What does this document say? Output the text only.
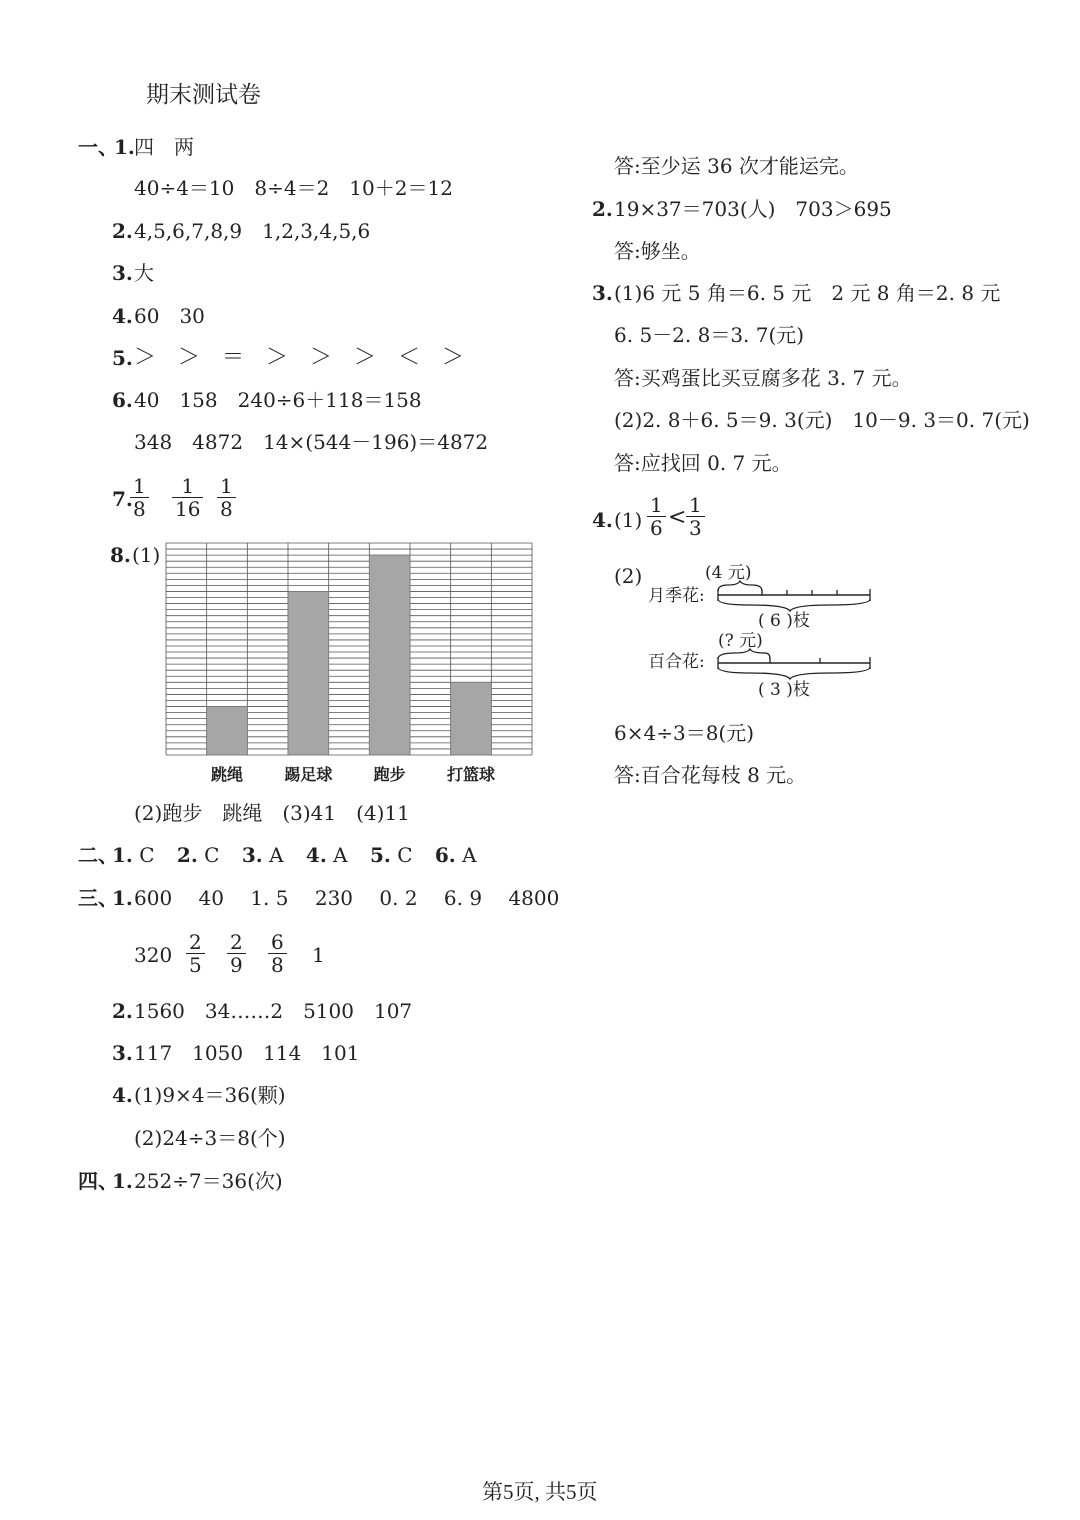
期末测试卷
一、
1. 四　两
40÷4＝10　8÷4＝2　10＋2＝12
2. 4,5,6,7,8,9　1,2,3,4,5,6
3. 大
4. 60　30
5. ＞　＞　＝　＞　＞　＞　＜　＞
6. 40　158　240÷6＋118＝158
348　4872　14×(544－196)＝4872
7.
$\frac{1}{8} \frac{1}{16} \frac{1}{8}$
8. (1)
跳绳	踢足球	跑步	打篮球
(2)跑步　跳绳　(3)41　(4)11
二、
1. C 2. C 3. A 4. A 5. C 6. A
三、
1. 600　 40　 1. 5　 230　 0. 2　 6. 9　 4800
$320 \frac{2}{5} \frac{2}{9} \frac{6}{8} 1$
2. 1560　34……2　5100　107
3. 117　1050　114　101
4. (1)9×4＝36(颗)
(2)24÷3＝8(个)
四、
1. 252÷7＝36(次)
答:至少运 36 次才能运完。
2. 19×37＝703(人)　703＞695
答:够坐。
3. (1)6 元 5 角＝6. 5 元　2 元 8 角＝2. 8 元
6. 5－2. 8＝3. 7(元)
答:买鸡蛋比买豆腐多花 3. 7 元。
(2)2. 8＋6. 5＝9. 3(元)　10－9. 3＝0. 7(元)
答:应找回 0. 7 元。
4. $(1) \frac{1}{6} < \frac{1}{3}$
(2)	(4 元)
月季花:
( 6 )枝
(? 元)
百合花:
( 3 )枝
6×4÷3＝8(元)
答:百合花每枝 8 元。
第5页, 共5页
